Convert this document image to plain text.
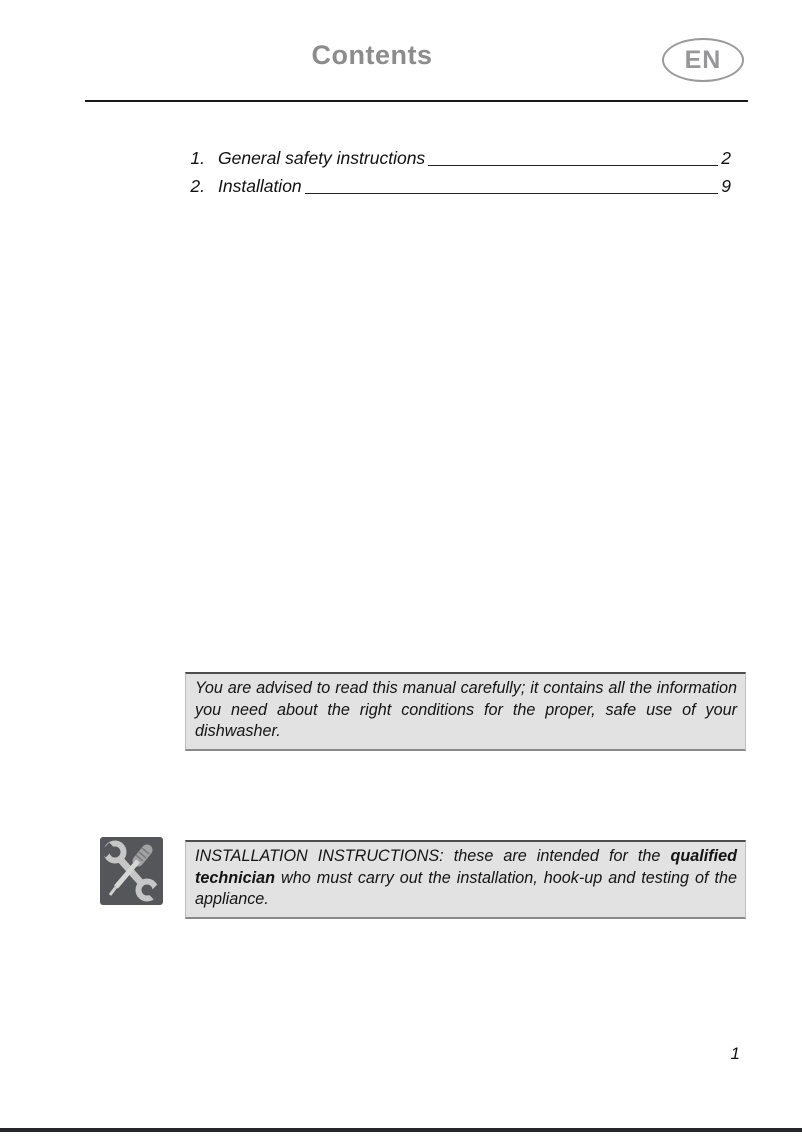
Contents	EN
1. General safety instructions	2
2. Installation	9
You are advised to read this manual carefully; it contains all the information you need about the right conditions for the proper, safe use of your dishwasher.
INSTALLATION INSTRUCTIONS: these are intended for the qualified technician who must carry out the installation, hook-up and testing of the appliance.
1
